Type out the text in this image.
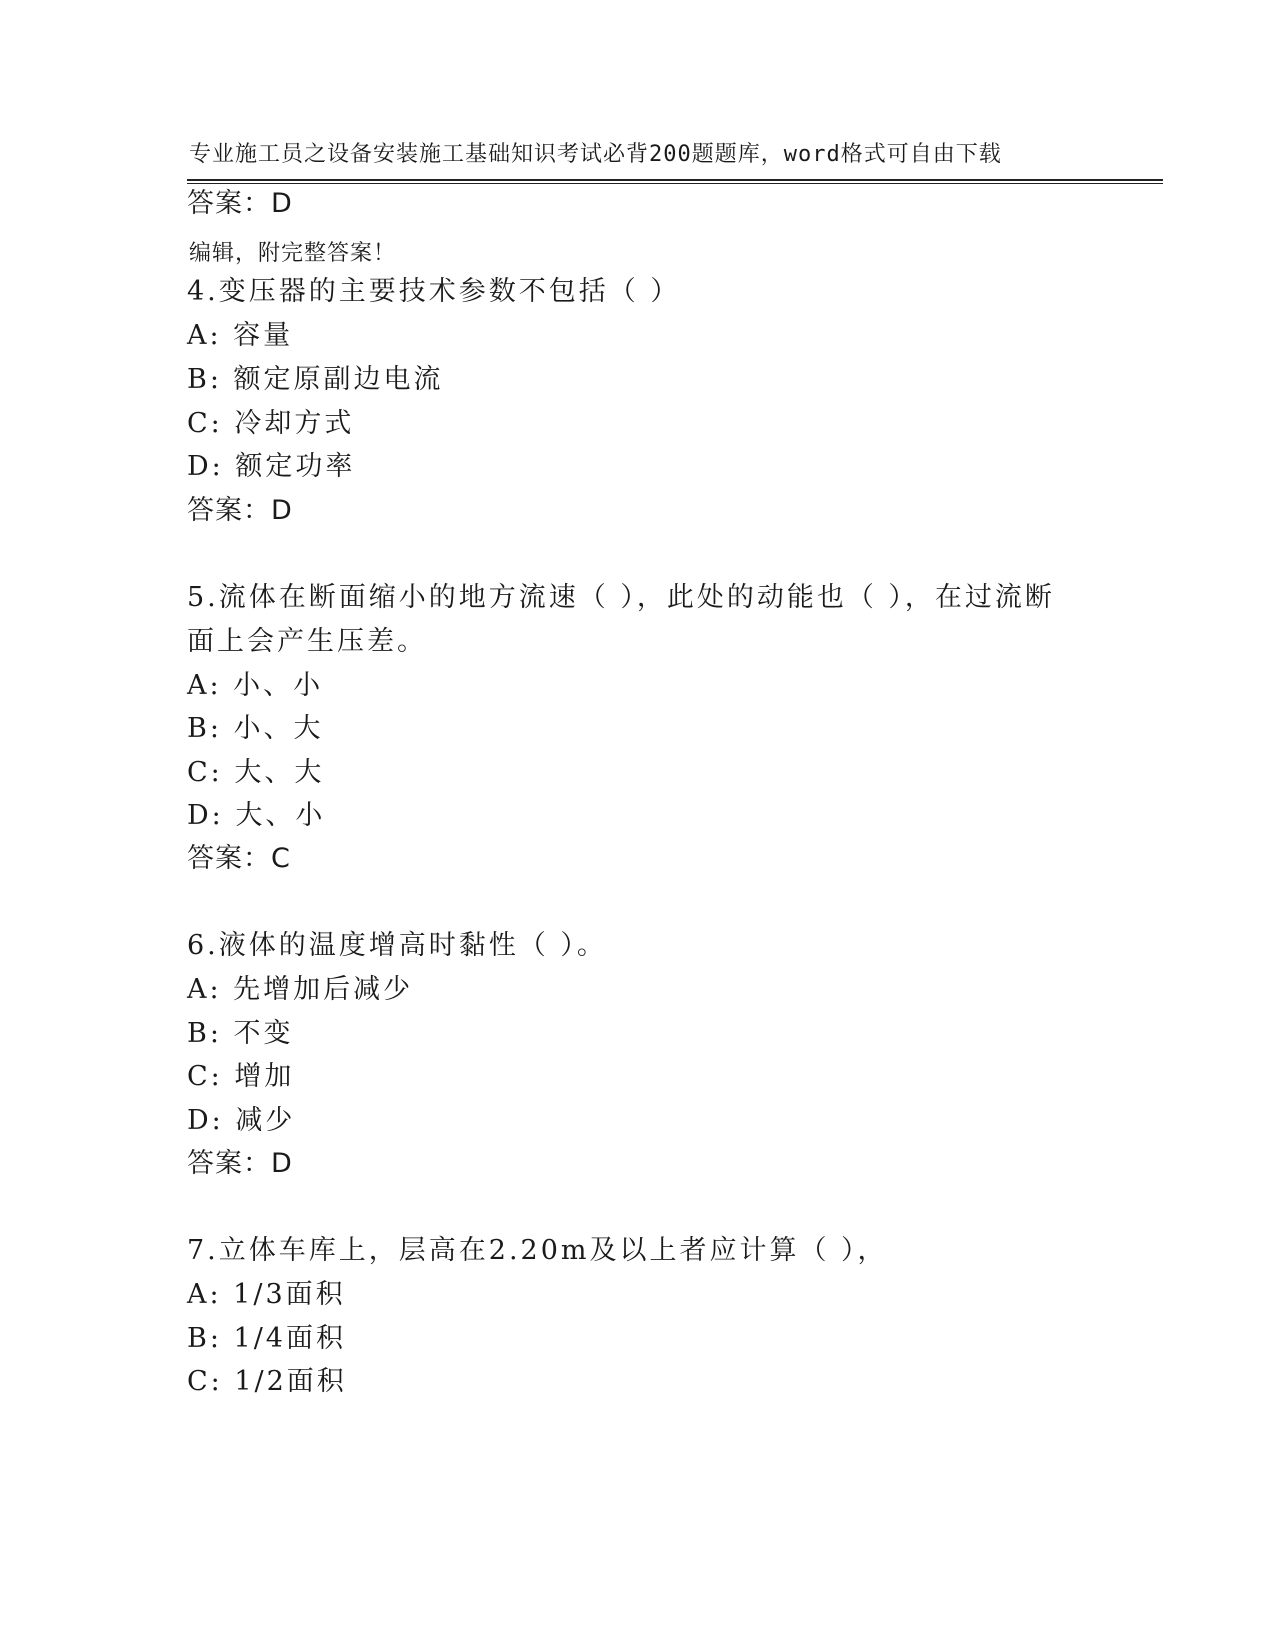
专业施工员之设备安装施工基础知识考试必背200题题库，word格式可自由下载

编辑，附完整答案！

答案：D
4.变压器的主要技术参数不包括（ ）
A: 容量
B: 额定原副边电流
C: 冷却方式
D: 额定功率
答案：D
5.流体在断面缩小的地方流速（ ），此处的动能也（ ），在过流断
面上会产生压差。
A: 小、小
B: 小、大
C: 大、大
D: 大、小
答案：C
6.液体的温度增高时黏性（ ）。
A: 先增加后减少
B: 不变
C: 增加
D: 减少
答案：D
7.立体车库上，层高在2.20m及以上者应计算（ ），
A: 1/3面积
B: 1/4面积
C: 1/2面积
